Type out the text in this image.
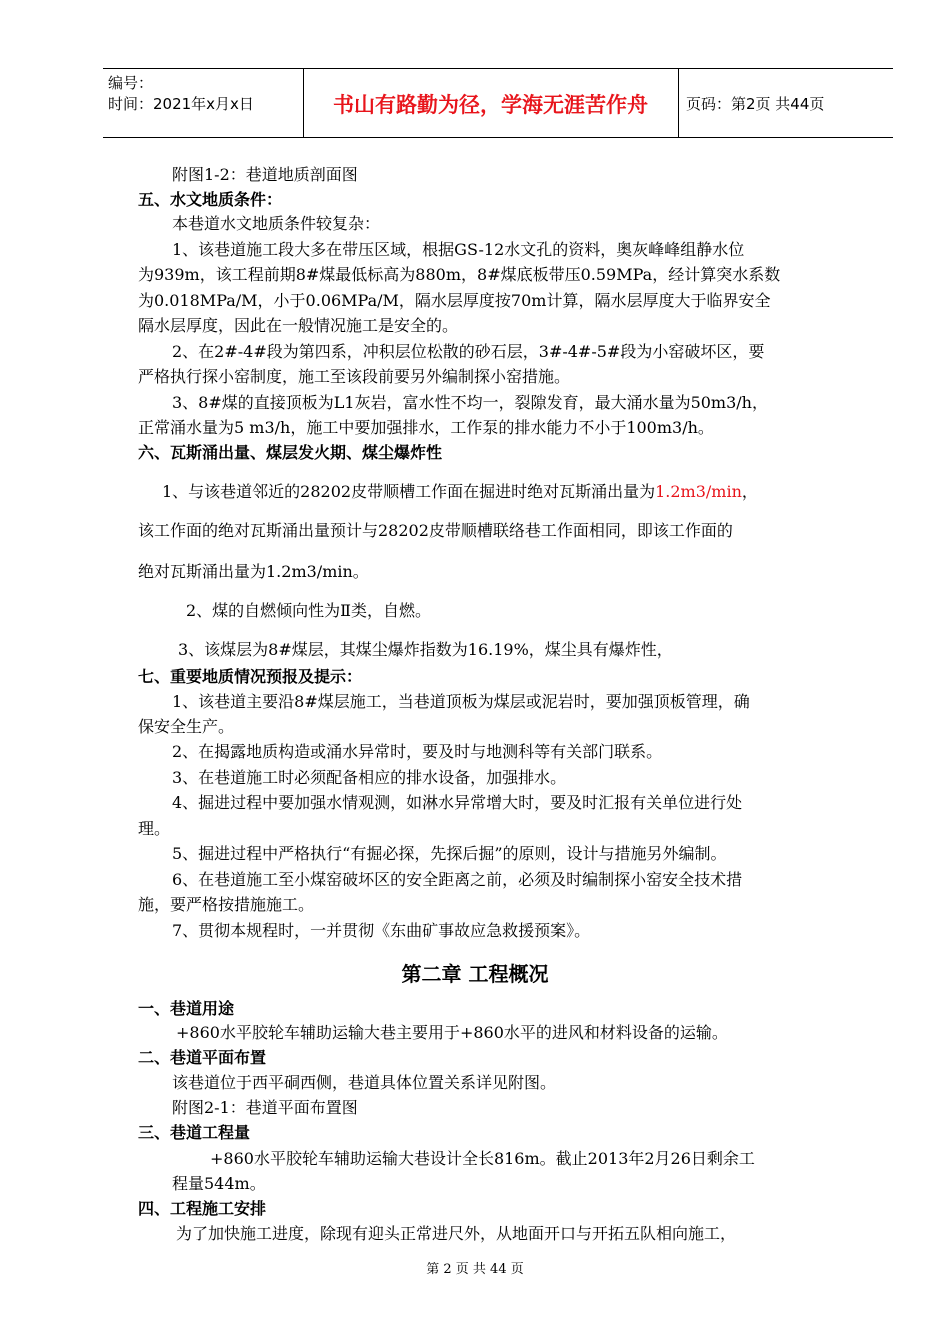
编号：
时间：2021年x月x日	书山有路勤为径，学海无涯苦作舟	页码：第2页 共44页
附图1-2：巷道地质剖面图
五、水文地质条件：
本巷道水文地质条件较复杂：
1、该巷道施工段大多在带压区域，根据GS-12水文孔的资料，奥灰峰峰组静水位
为939m，该工程前期8#煤最低标高为880m，8#煤底板带压0.59MPa，经计算突水系数
为0.018MPa/M，小于0.06MPa/M，隔水层厚度按70m计算，隔水层厚度大于临界安全
隔水层厚度，因此在一般情况施工是安全的。
2、在2#-4#段为第四系，冲积层位松散的砂石层，3#-4#-5#段为小窑破坏区，要
严格执行探小窑制度，施工至该段前要另外编制探小窑措施。
3、8#煤的直接顶板为L1灰岩，富水性不均一，裂隙发育，最大涌水量为50m3/h，
正常涌水量为5 m3/h，施工中要加强排水，工作泵的排水能力不小于100m3/h。
六、瓦斯涌出量、煤层发火期、煤尘爆炸性
1、与该巷道邻近的28202皮带顺槽工作面在掘进时绝对瓦斯涌出量为1.2m3/min，
该工作面的绝对瓦斯涌出量预计与28202皮带顺槽联络巷工作面相同，即该工作面的
绝对瓦斯涌出量为1.2m3/min。
2、煤的自燃倾向性为Ⅱ类，自燃。
3、该煤层为8#煤层，其煤尘爆炸指数为16.19%，煤尘具有爆炸性，
七、重要地质情况预报及提示：
1、该巷道主要沿8#煤层施工，当巷道顶板为煤层或泥岩时，要加强顶板管理，确
保安全生产。
2、在揭露地质构造或涌水异常时，要及时与地测科等有关部门联系。
3、在巷道施工时必须配备相应的排水设备，加强排水。
4、掘进过程中要加强水情观测，如淋水异常增大时，要及时汇报有关单位进行处
理。
5、掘进过程中严格执行“有掘必探，先探后掘”的原则，设计与措施另外编制。
6、在巷道施工至小煤窑破坏区的安全距离之前，必须及时编制探小窑安全技术措
施，要严格按措施施工。
7、贯彻本规程时，一并贯彻《东曲矿事故应急救援预案》。
第二章 工程概况
一、巷道用途
+860水平胶轮车辅助运输大巷主要用于+860水平的进风和材料设备的运输。
二、巷道平面布置
该巷道位于西平硐西侧，巷道具体位置关系详见附图。
附图2-1：巷道平面布置图
三、巷道工程量
+860水平胶轮车辅助运输大巷设计全长816m。截止2013年2月26日剩余工
程量544m。
四、工程施工安排
为了加快施工进度，除现有迎头正常进尺外，从地面开口与开拓五队相向施工，
第 2 页 共 44 页
